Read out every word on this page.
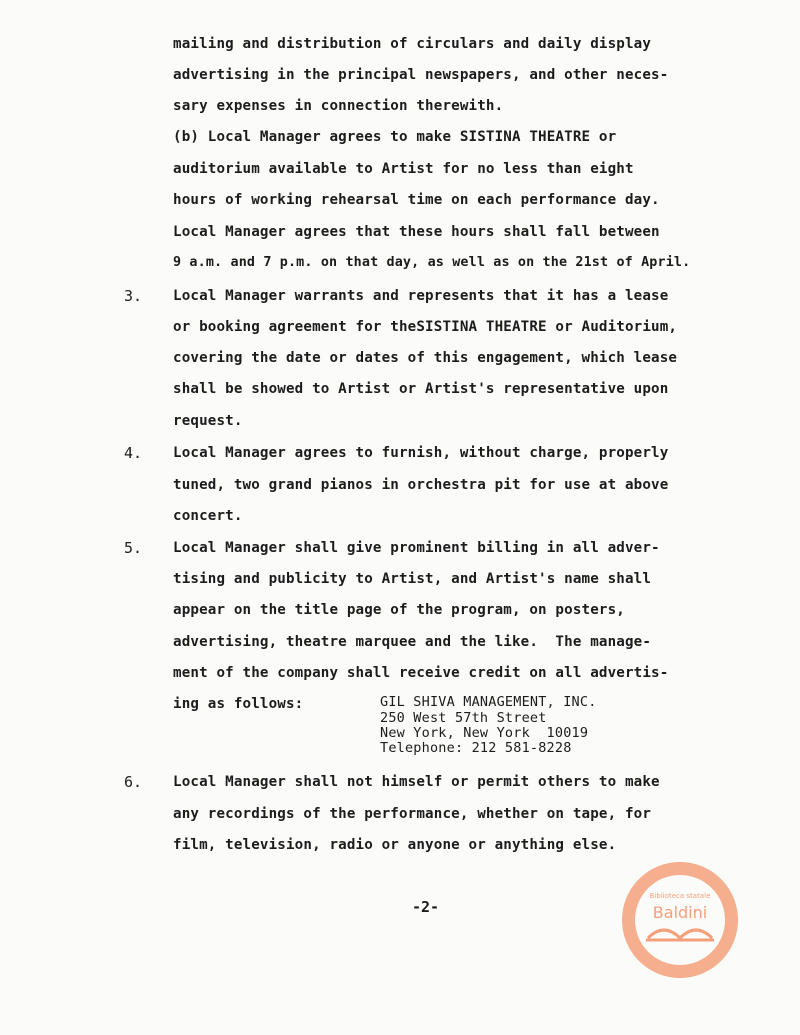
mailing and distribution of circulars and daily display
advertising in the principal newspapers, and other neces-
sary expenses in connection therewith.
(b) Local Manager agrees to make SISTINA THEATRE or
auditorium available to Artist for no less than eight
hours of working rehearsal time on each performance day.
Local Manager agrees that these hours shall fall between
9 a.m. and 7 p.m. on that day, as well as on the 21st of April.
3. Local Manager warrants and represents that it has a lease
or booking agreement for theSISTINA THEATRE or Auditorium,
covering the date or dates of this engagement, which lease
shall be showed to Artist or Artist's representative upon
request.
4. Local Manager agrees to furnish, without charge, properly
tuned, two grand pianos in orchestra pit for use at above
concert.
5. Local Manager shall give prominent billing in all adver-
tising and publicity to Artist, and Artist's name shall
appear on the title page of the program, on posters,
advertising, theatre marquee and the like.  The manage-
ment of the company shall receive credit on all advertis-
ing as follows:	GIL SHIVA MANAGEMENT, INC.
250 West 57th Street
New York, New York  10019
Telephone: 212 581-8228
6. Local Manager shall not himself or permit others to make
any recordings of the performance, whether on tape, for
film, television, radio or anyone or anything else.
-2-
Biblioteca statale
Baldini
